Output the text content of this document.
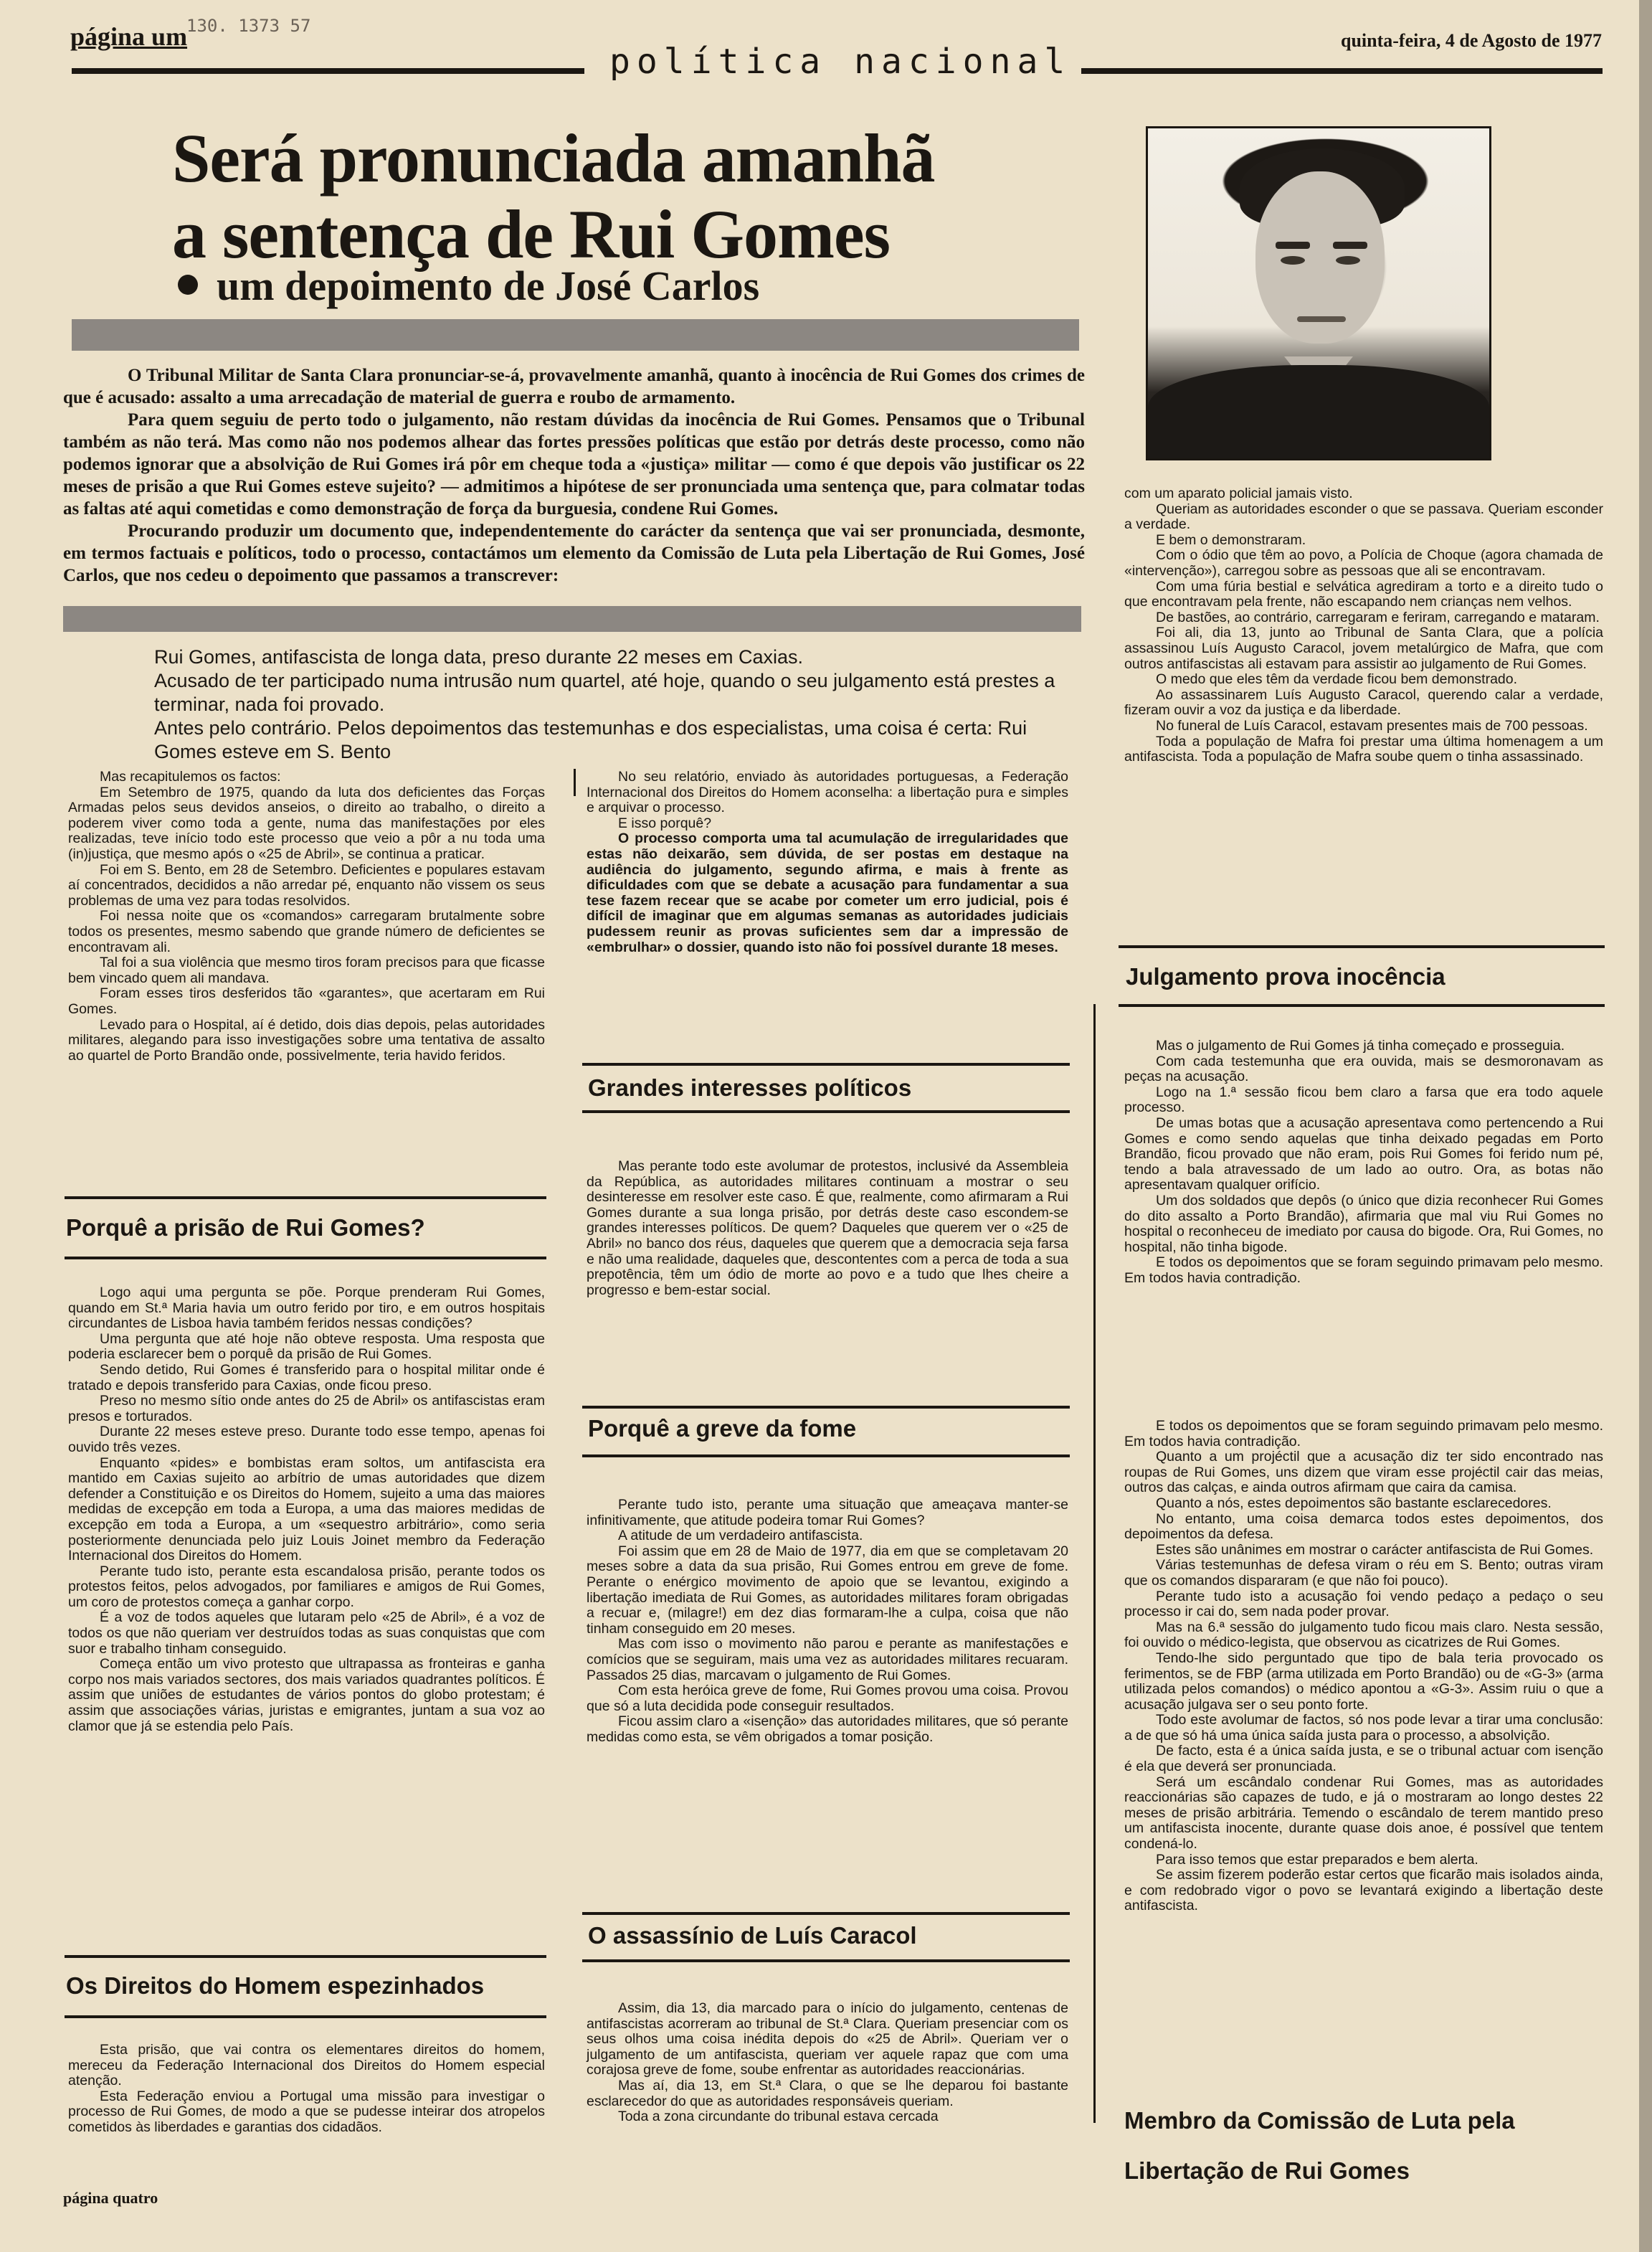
página um
130. 1373 57
quinta-feira, 4 de Agosto de 1977
política nacional
Será pronunciada amanhã
a sentença de Rui Gomes
um depoimento de José Carlos

O Tribunal Militar de Santa Clara pronunciar-se-á, provavelmente amanhã, quanto à inocência de Rui Gomes dos crimes de que é acusado: assalto a uma arrecadação de material de guerra e roubo de armamento.

Para quem seguiu de perto todo o julgamento, não restam dúvidas da inocência de Rui Gomes. Pensamos que o Tribunal também as não terá. Mas como não nos podemos alhear das fortes pressões políticas que estão por detrás deste processo, como não podemos ignorar que a absolvição de Rui Gomes irá pôr em cheque toda a «justiça» militar — como é que depois vão justificar os 22 meses de prisão a que Rui Gomes esteve sujeito? — admitimos a hipótese de ser pronunciada uma sentença que, para colmatar todas as faltas até aqui cometidas e como demonstração de força da burguesia, condene Rui Gomes.

Procurando produzir um documento que, independentemente do carácter da sentença que vai ser pronunciada, desmonte, em termos factuais e políticos, todo o processo, contactámos um elemento da Comissão de Luta pela Libertação de Rui Gomes, José Carlos, que nos cedeu o depoimento que passamos a transcrever:

Rui Gomes, antifascista de longa data, preso durante 22 meses em Caxias.

Acusado de ter participado numa intrusão num quartel, até hoje, quando o seu julgamento está prestes a terminar, nada foi provado.

Antes pelo contrário. Pelos depoimentos das testemunhas e dos especialistas, uma coisa é certa: Rui Gomes esteve em S. Bento

Mas recapitulemos os factos:

Em Setembro de 1975, quando da luta dos deficientes das Forças Armadas pelos seus devidos anseios, o direito ao trabalho, o direito a poderem viver como toda a gente, numa das manifestações por eles realizadas, teve início todo este processo que veio a pôr a nu toda uma (in)justiça, que mesmo após o «25 de Abril», se continua a praticar.

Foi em S. Bento, em 28 de Setembro. Deficientes e populares estavam aí concentrados, decididos a não arredar pé, enquanto não vissem os seus problemas de uma vez para todas resolvidos.

Foi nessa noite que os «comandos» carregaram brutalmente sobre todos os presentes, mesmo sabendo que grande número de deficientes se encontravam ali.

Tal foi a sua violência que mesmo tiros foram precisos para que ficasse bem vincado quem ali mandava.

Foram esses tiros desferidos tão «garantes», que acertaram em Rui Gomes.

Levado para o Hospital, aí é detido, dois dias depois, pelas autoridades militares, alegando para isso investigações sobre uma tentativa de assalto ao quartel de Porto Brandão onde, possivelmente, teria havido feridos.

Porquê a prisão de Rui Gomes?

Logo aqui uma pergunta se põe. Porque prenderam Rui Gomes, quando em St.ª Maria havia um outro ferido por tiro, e em outros hospitais circundantes de Lisboa havia também feridos nessas condições?

Uma pergunta que até hoje não obteve resposta. Uma resposta que poderia esclarecer bem o porquê da prisão de Rui Gomes.

Sendo detido, Rui Gomes é transferido para o hospital militar onde é tratado e depois transferido para Caxias, onde ficou preso.

Preso no mesmo sítio onde antes do 25 de Abril» os antifascistas eram presos e torturados.

Durante 22 meses esteve preso. Durante todo esse tempo, apenas foi ouvido três vezes.

Enquanto «pides» e bombistas eram soltos, um antifascista era mantido em Caxias sujeito ao arbítrio de umas autoridades que dizem defender a Constituição e os Direitos do Homem, sujeito a uma das maiores medidas de excepção em toda a Europa, a uma das maiores medidas de excepção em toda a Europa, a um «sequestro arbitrário», como seria posteriormente denunciada pelo juiz Louis Joinet membro da Federação Internacional dos Direitos do Homem.

Perante tudo isto, perante esta escandalosa prisão, perante todos os protestos feitos, pelos advogados, por familiares e amigos de Rui Gomes, um coro de protestos começa a ganhar corpo.

É a voz de todos aqueles que lutaram pelo «25 de Abril», é a voz de todos os que não queriam ver destruídos todas as suas conquistas que com suor e trabalho tinham conseguido.

Começa então um vivo protesto que ultrapassa as fronteiras e ganha corpo nos mais variados sectores, dos mais variados quadrantes políticos. É assim que uniões de estudantes de vários pontos do globo protestam; é assim que associações várias, juristas e emigrantes, juntam a sua voz ao clamor que já se estendia pelo País.

Os Direitos do Homem espezinhados

Esta prisão, que vai contra os elementares direitos do homem, mereceu da Federação Internacional dos Direitos do Homem especial atenção.

Esta Federação enviou a Portugal uma missão para investigar o processo de Rui Gomes, de modo a que se pudesse inteirar dos atropelos cometidos às liberdades e garantias dos cidadãos.

página quatro

No seu relatório, enviado às autoridades portuguesas, a Federação Internacional dos Direitos do Homem aconselha: a libertação pura e simples e arquivar o processo.

E isso porquê?

O processo comporta uma tal acumulação de irregularidades que estas não deixarão, sem dúvida, de ser postas em destaque na audiência do julgamento, segundo afirma, e mais à frente as dificuldades com que se debate a acusação para fundamentar a sua tese fazem recear que se acabe por cometer um erro judicial, pois é difícil de imaginar que em algumas semanas as autoridades judiciais pudessem reunir as provas suficientes sem dar a impressão de «embrulhar» o dossier, quando isto não foi possível durante 18 meses.

Grandes interesses políticos

Mas perante todo este avolumar de protestos, inclusivé da Assembleia da República, as autoridades militares continuam a mostrar o seu desinteresse em resolver este caso. É que, realmente, como afirmaram a Rui Gomes durante a sua longa prisão, por detrás deste caso escondem-se grandes interesses políticos. De quem? Daqueles que querem ver o «25 de Abril» no banco dos réus, daqueles que querem que a democracia seja farsa e não uma realidade, daqueles que, descontentes com a perca de toda a sua prepotência, têm um ódio de morte ao povo e a tudo que lhes cheire a progresso e bem-estar social.

Porquê a greve da fome

Perante tudo isto, perante uma situação que ameaçava manter-se infinitivamente, que atitude podeira tomar Rui Gomes?

A atitude de um verdadeiro antifascista.

Foi assim que em 28 de Maio de 1977, dia em que se completavam 20 meses sobre a data da sua prisão, Rui Gomes entrou em greve de fome. Perante o enérgico movimento de apoio que se levantou, exigindo a libertação imediata de Rui Gomes, as autoridades militares foram obrigadas a recuar e, (milagre!) em dez dias formaram-lhe a culpa, coisa que não tinham conseguido em 20 meses.

Mas com isso o movimento não parou e perante as manifestações e comícios que se seguiram, mais uma vez as autoridades militares recuaram. Passados 25 dias, marcavam o julgamento de Rui Gomes.

Com esta heróica greve de fome, Rui Gomes provou uma coisa. Provou que só a luta decidida pode conseguir resultados.

Ficou assim claro a «isenção» das autoridades militares, que só perante medidas como esta, se vêm obrigados a tomar posição.

O assassínio de Luís Caracol

Assim, dia 13, dia marcado para o início do julgamento, centenas de antifascistas acorreram ao tribunal de St.ª Clara. Queriam presenciar com os seus olhos uma coisa inédita depois do «25 de Abril». Queriam ver o julgamento de um antifascista, queriam ver aquele rapaz que com uma corajosa greve de fome, soube enfrentar as autoridades reaccionárias.

Mas aí, dia 13, em St.ª Clara, o que se lhe deparou foi bastante esclarecedor do que as autoridades responsáveis queriam.

Toda a zona circundante do tribunal estava cercada

com um aparato policial jamais visto.

Queriam as autoridades esconder o que se passava. Queriam esconder a verdade.

E bem o demonstraram.

Com o ódio que têm ao povo, a Polícia de Choque (agora chamada de «intervenção»), carregou sobre as pessoas que ali se encontravam.

Com uma fúria bestial e selvática agrediram a torto e a direito tudo o que encontravam pela frente, não escapando nem crianças nem velhos.

De bastões, ao contrário, carregaram e feriram, carregando e mataram.

Foi ali, dia 13, junto ao Tribunal de Santa Clara, que a polícia assassinou Luís Augusto Caracol, jovem metalúrgico de Mafra, que com outros antifascistas ali estavam para assistir ao julgamento de Rui Gomes.

O medo que eles têm da verdade ficou bem demonstrado.

Ao assassinarem Luís Augusto Caracol, querendo calar a verdade, fizeram ouvir a voz da justiça e da liberdade.

No funeral de Luís Caracol, estavam presentes mais de 700 pessoas.

Toda a população de Mafra foi prestar uma última homenagem a um antifascista. Toda a população de Mafra soube quem o tinha assassinado.

Julgamento prova inocência

Mas o julgamento de Rui Gomes já tinha começado e prosseguia.

Com cada testemunha que era ouvida, mais se desmoronavam as peças na acusação.

Logo na 1.ª sessão ficou bem claro a farsa que era todo aquele processo.

De umas botas que a acusação apresentava como pertencendo a Rui Gomes e como sendo aquelas que tinha deixado pegadas em Porto Brandão, ficou provado que não eram, pois Rui Gomes foi ferido num pé, tendo a bala atravessado de um lado ao outro. Ora, as botas não apresentavam qualquer orifício.

Um dos soldados que depôs (o único que dizia reconhecer Rui Gomes do dito assalto a Porto Brandão), afirmaria que mal viu Rui Gomes no hospital o reconheceu de imediato por causa do bigode. Ora, Rui Gomes, no hospital, não tinha bigode.

E todos os depoimentos que se foram seguindo primavam pelo mesmo. Em todos havia contradição.

E todos os depoimentos que se foram seguindo primavam pelo mesmo. Em todos havia contradição.

Quanto a um projéctil que a acusação diz ter sido encontrado nas roupas de Rui Gomes, uns dizem que viram esse projéctil cair das meias, outros das calças, e ainda outros afirmam que caira da camisa.

Quanto a nós, estes depoimentos são bastante esclarecedores.

No entanto, uma coisa demarca todos estes depoimentos, dos depoimentos da defesa.

Estes são unânimes em mostrar o carácter antifascista de Rui Gomes.

Várias testemunhas de defesa viram o réu em S. Bento; outras viram que os comandos dispararam (e que não foi pouco).

Perante tudo isto a acusação foi vendo pedaço a pedaço o seu processo ir cai do, sem nada poder provar.

Mas na 6.ª sessão do julgamento tudo ficou mais claro. Nesta sessão, foi ouvido o médico-legista, que observou as cicatrizes de Rui Gomes.

Tendo-lhe sido perguntado que tipo de bala teria provocado os ferimentos, se de FBP (arma utilizada em Porto Brandão) ou de «G-3» (arma utilizada pelos comandos) o médico apontou a «G-3». Assim ruiu o que a acusação julgava ser o seu ponto forte.

Todo este avolumar de factos, só nos pode levar a tirar uma conclusão: a de que só há uma única saída justa para o processo, a absolvição.

De facto, esta é a única saída justa, e se o tribunal actuar com isenção é ela que deverá ser pronunciada.

Será um escândalo condenar Rui Gomes, mas as autoridades reaccionárias são capazes de tudo, e já o mostraram ao longo destes 22 meses de prisão arbitrária. Temendo o escândalo de terem mantido preso um antifascista inocente, durante quase dois anoe, é possível que tentem condená-lo.

Para isso temos que estar preparados e bem alerta.

Se assim fizerem poderão estar certos que ficarão mais isolados ainda, e com redobrado vigor o povo se levantará exigindo a libertação deste antifascista.

Membro da Comissão de Luta pela
Libertação de Rui Gomes
